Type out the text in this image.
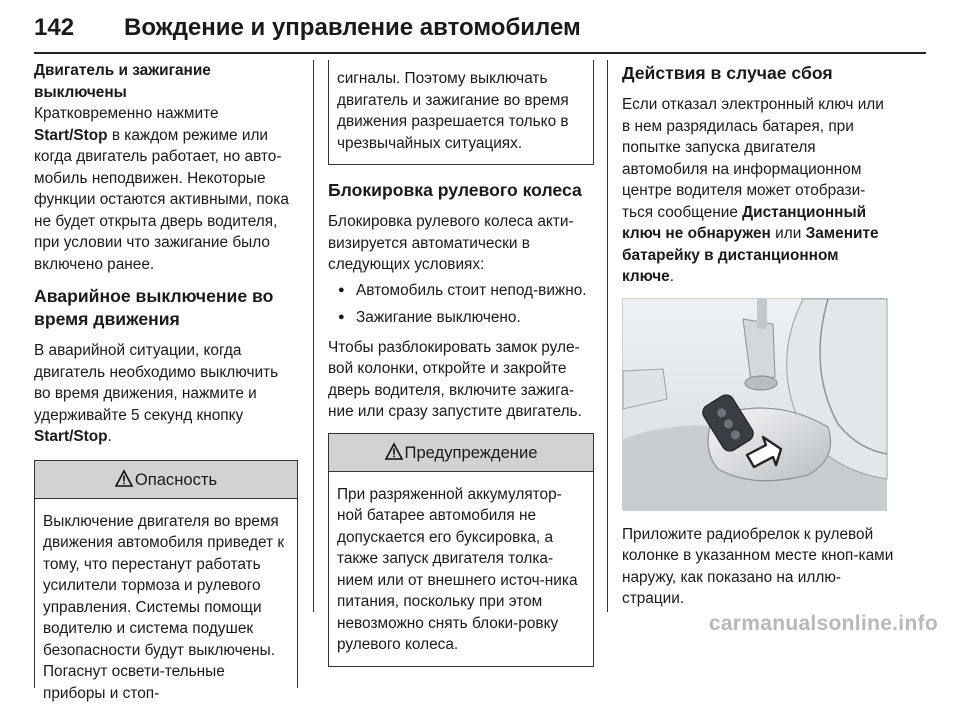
142 Вождение и управление автомобилем
Двигатель и зажигание выключены
Кратковременно нажмите
Start/Stop в каждом режиме или когда двигатель работает, но авто-мобиль неподвижен. Некоторые функции остаются активными, пока не будет открыта дверь водителя, при условии что зажигание было включено ранее.
Аварийное выключение во время движения
В аварийной ситуации, когда двигатель необходимо выключить во время движения, нажмите и удерживайте 5 секунд кнопку
Start/Stop.
Опасность
Выключение двигателя во время движения автомобиля приведет к тому, что перестанут работать усилители тормоза и рулевого управления. Системы помощи водителю и система подушек безопасности будут выключены. Погаснут освети-тельные приборы и стоп-
сигналы. Поэтому выключать двигатель и зажигание во время движения разрешается только в чрезвычайных ситуациях.
Блокировка рулевого колеса
Блокировка рулевого колеса акти-визируется автоматически в следующих условиях:
● Автомобиль стоит непод-вижно.
● Зажигание выключено.
Чтобы разблокировать замок руле-вой колонки, откройте и закройте дверь водителя, включите зажига-ние или сразу запустите двигатель.
Предупреждение
При разряженной аккумулятор-ной батарее автомобиля не допускается его буксировка, а также запуск двигателя толка-нием или от внешнего источ-ника питания, поскольку при этом невозможно снять блоки-ровку рулевого колеса.
Действия в случае сбоя
Если отказал электронный ключ или в нем разрядилась батарея, при попытке запуска двигателя автомобиля на информационном центре водителя может отобрази-ться сообщение Дистанционный ключ не обнаружен или Замените батарейку в дистанционном ключе.
Приложите радиобрелок к рулевой колонке в указанном месте кноп-ками наружу, как показано на иллю-страции.
carmanualsonline.info
